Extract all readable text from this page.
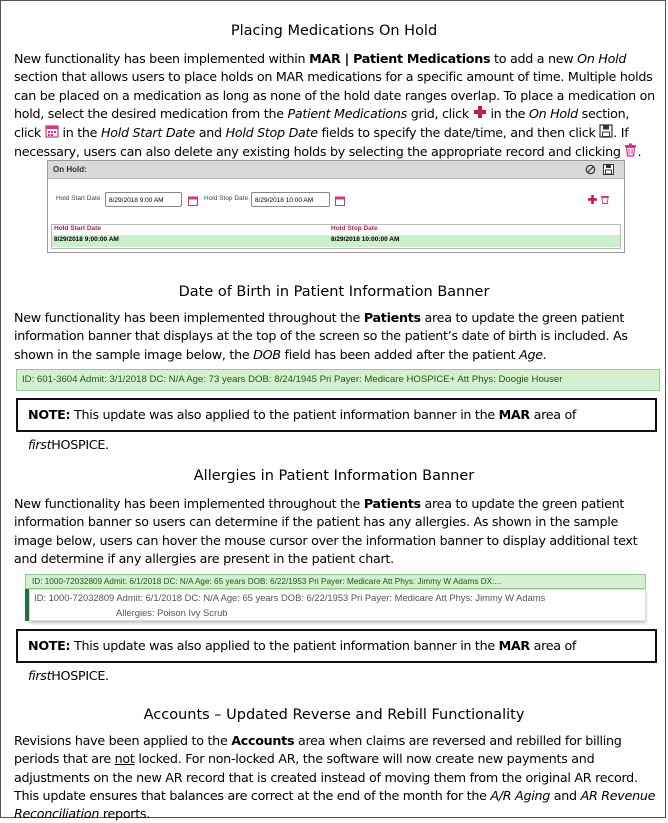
Placing Medications On Hold
New functionality has been implemented within MAR | Patient Medications to add a new On Hold section that allows users to place holds on MAR medications for a specific amount of time. Multiple holds can be placed on a medication as long as none of the hold date ranges overlap. To place a medication on hold, select the desired medication from the Patient Medications grid, click  in the On Hold section, click  in the Hold Start Date and Hold Stop Date fields to specify the date/time, and then click . If necessary, users can also delete any existing holds by selecting the appropriate record and clicking .
On Hold:
Hold Start Date	8/29/2018 9:00 AM	Hold Stop Date	8/29/2018 10:00 AM
Hold Start Date	Hold Stop Date
8/29/2018 9:00:00 AM	8/29/2018 10:00:00 AM
Date of Birth in Patient Information Banner
New functionality has been implemented throughout the Patients area to update the green patient information banner that displays at the top of the screen so the patient’s date of birth is included. As shown in the sample image below, the DOB field has been added after the patient Age.
ID: 601-3604 Admit: 3/1/2018 DC: N/A Age: 73 years DOB: 8/24/1945 Pri Payer: Medicare HOSPICE+ Att Phys: Doogie Houser
NOTE: This update was also applied to the patient information banner in the MAR area of firstHOSPICE.
Allergies in Patient Information Banner
New functionality has been implemented throughout the Patients area to update the green patient information banner so users can determine if the patient has any allergies. As shown in the sample image below, users can hover the mouse cursor over the information banner to display additional text and determine if any allergies are present in the patient chart.
ID: 1000-72032809 Admit: 6/1/2018 DC: N/A Age: 65 years DOB: 6/22/1953 Pri Payer: Medicare Att Phys: Jimmy W Adams DX:...
ID: 1000-72032809 Admit: 6/1/2018 DC: N/A Age: 65 years DOB: 6/22/1953 Pri Payer: Medicare Att Phys: Jimmy W Adams
Allergies: Poison Ivy Scrub
NOTE: This update was also applied to the patient information banner in the MAR area of firstHOSPICE.
Accounts – Updated Reverse and Rebill Functionality
Revisions have been applied to the Accounts area when claims are reversed and rebilled for billing periods that are not locked. For non-locked AR, the software will now create new payments and adjustments on the new AR record that is created instead of moving them from the original AR record. This update ensures that balances are correct at the end of the month for the A/R Aging and AR Revenue Reconciliation reports.
